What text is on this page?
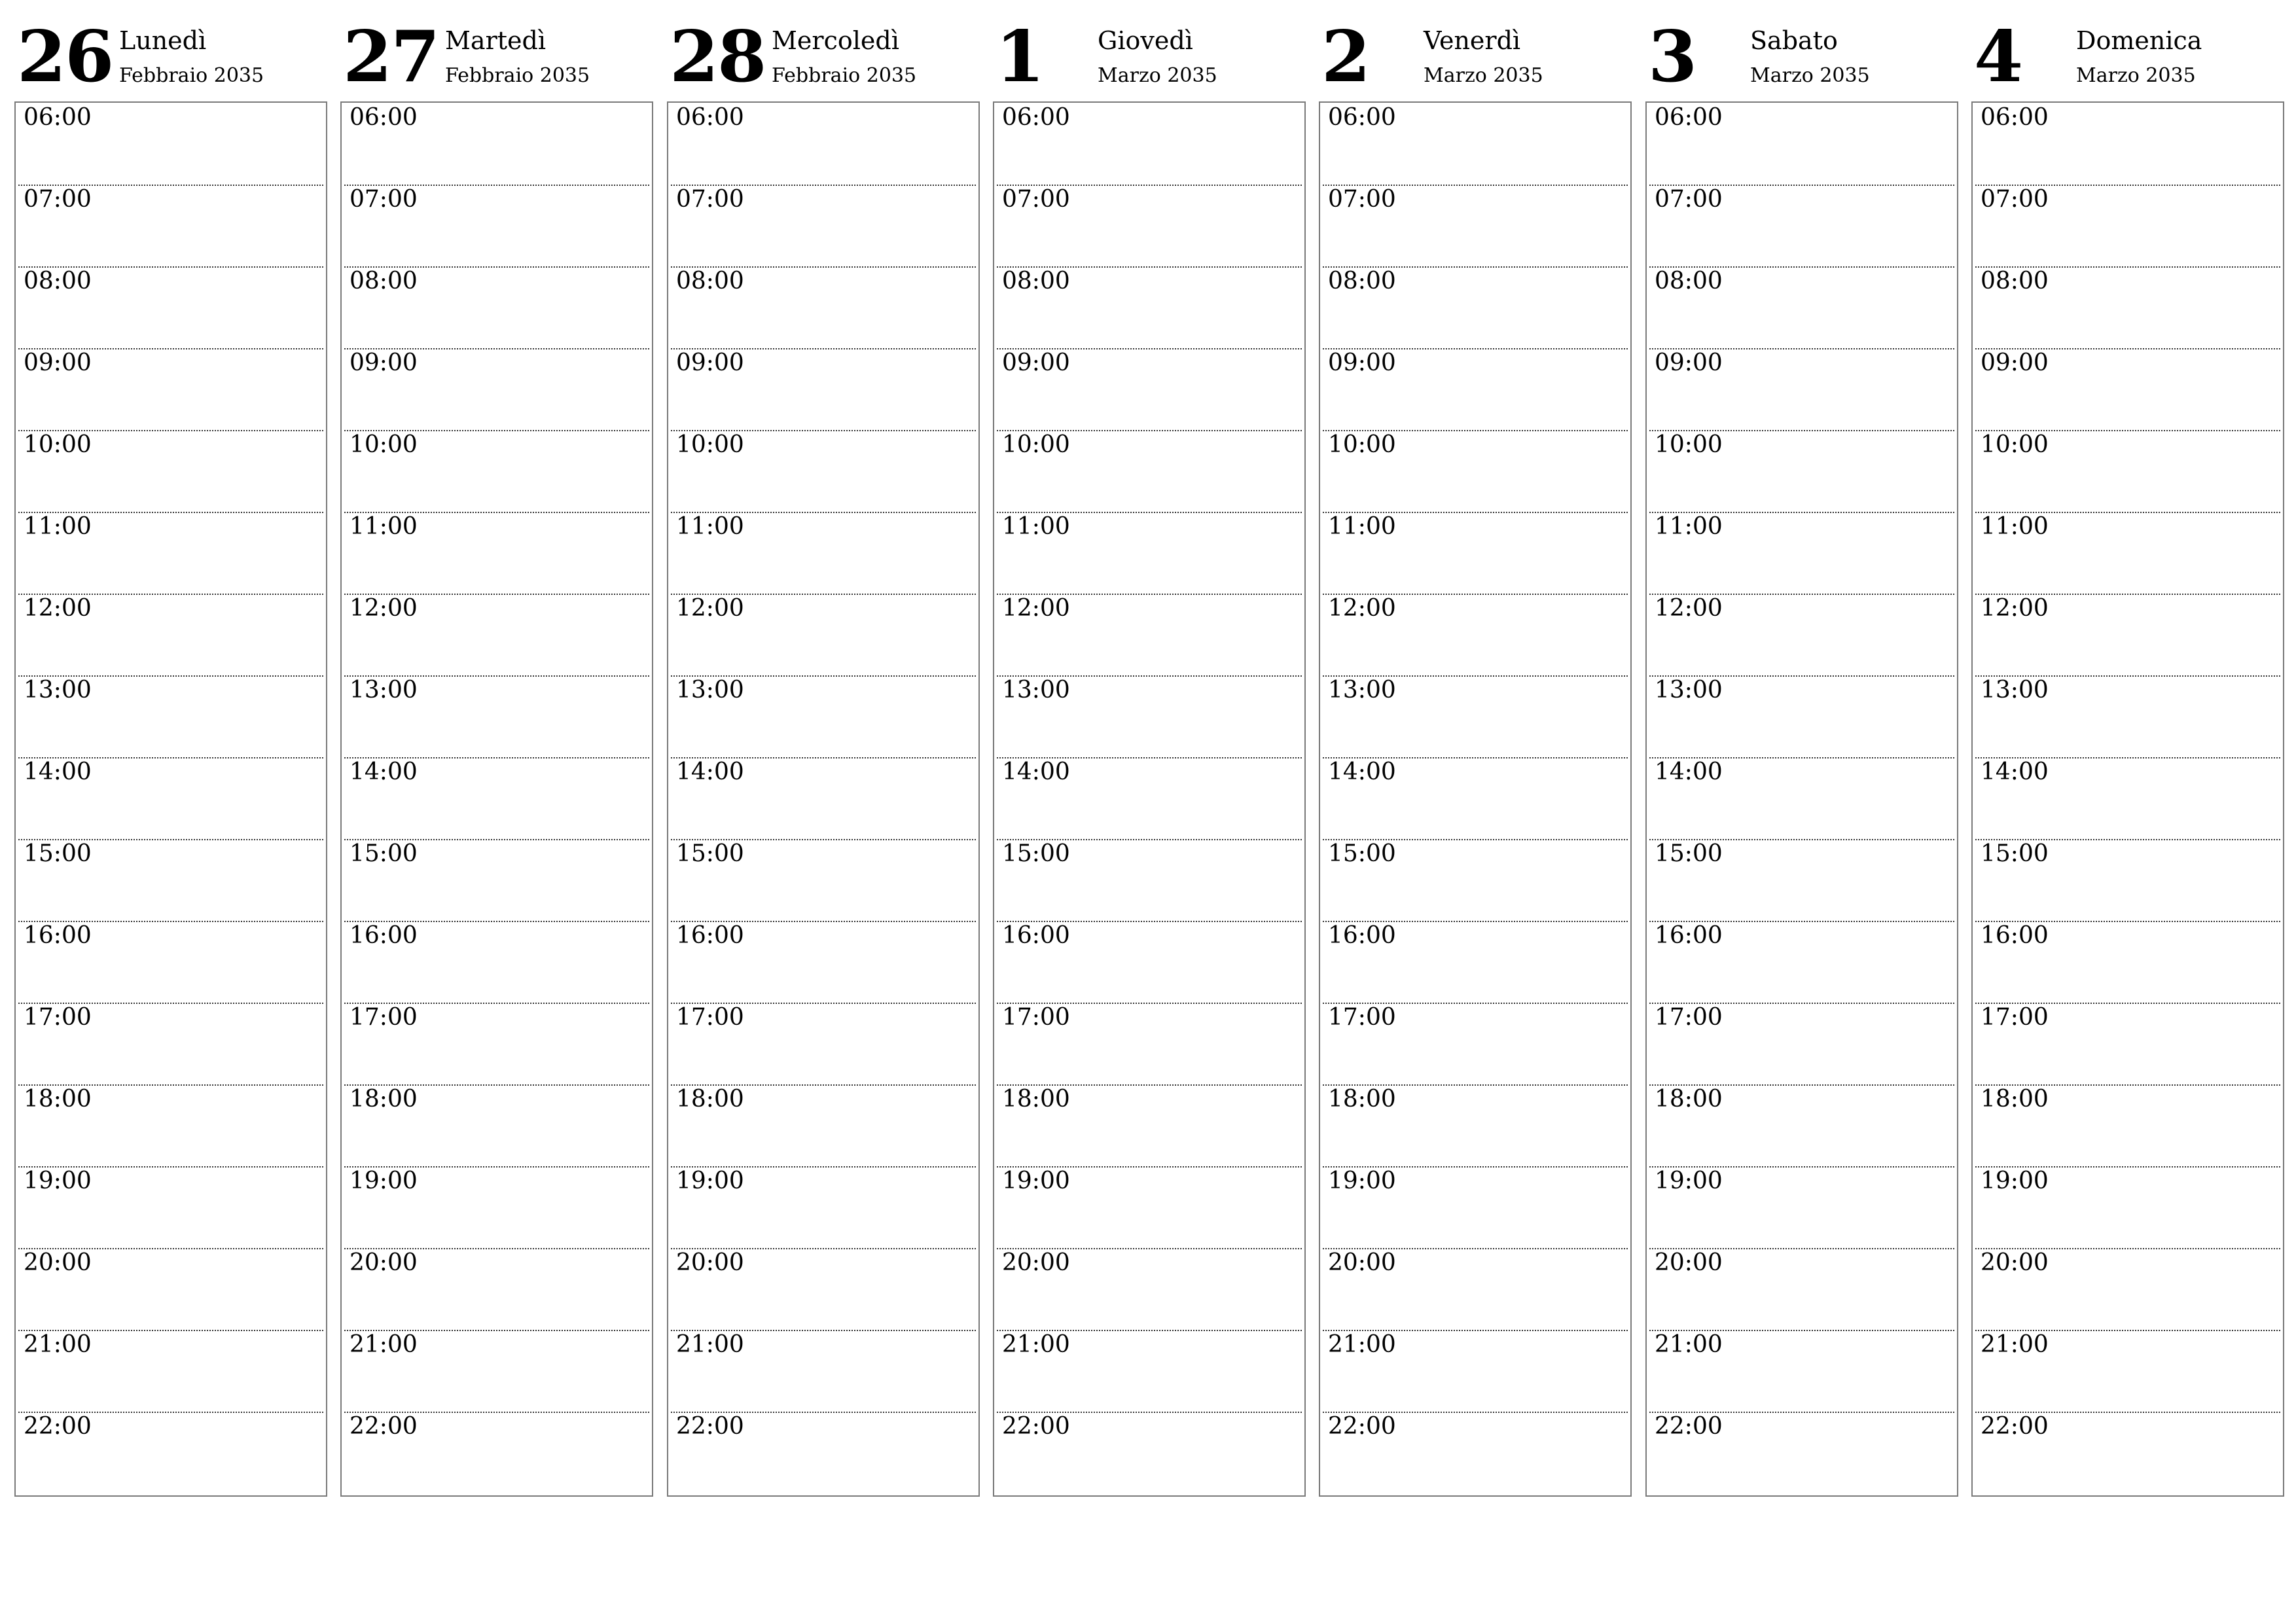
26 Lunedì
Febbraio 2035
06:00
07:00
08:00
09:00
10:00
11:00
12:00
13:00
14:00
15:00
16:00
17:00
18:00
19:00
20:00
21:00
22:00
27 Martedì
Febbraio 2035
06:00
07:00
08:00
09:00
10:00
11:00
12:00
13:00
14:00
15:00
16:00
17:00
18:00
19:00
20:00
21:00
22:00
28 Mercoledì
Febbraio 2035
06:00
07:00
08:00
09:00
10:00
11:00
12:00
13:00
14:00
15:00
16:00
17:00
18:00
19:00
20:00
21:00
22:00
1 Giovedì
Marzo 2035
06:00
07:00
08:00
09:00
10:00
11:00
12:00
13:00
14:00
15:00
16:00
17:00
18:00
19:00
20:00
21:00
22:00
2 Venerdì
Marzo 2035
06:00
07:00
08:00
09:00
10:00
11:00
12:00
13:00
14:00
15:00
16:00
17:00
18:00
19:00
20:00
21:00
22:00
3 Sabato
Marzo 2035
06:00
07:00
08:00
09:00
10:00
11:00
12:00
13:00
14:00
15:00
16:00
17:00
18:00
19:00
20:00
21:00
22:00
4 Domenica
Marzo 2035
06:00
07:00
08:00
09:00
10:00
11:00
12:00
13:00
14:00
15:00
16:00
17:00
18:00
19:00
20:00
21:00
22:00
